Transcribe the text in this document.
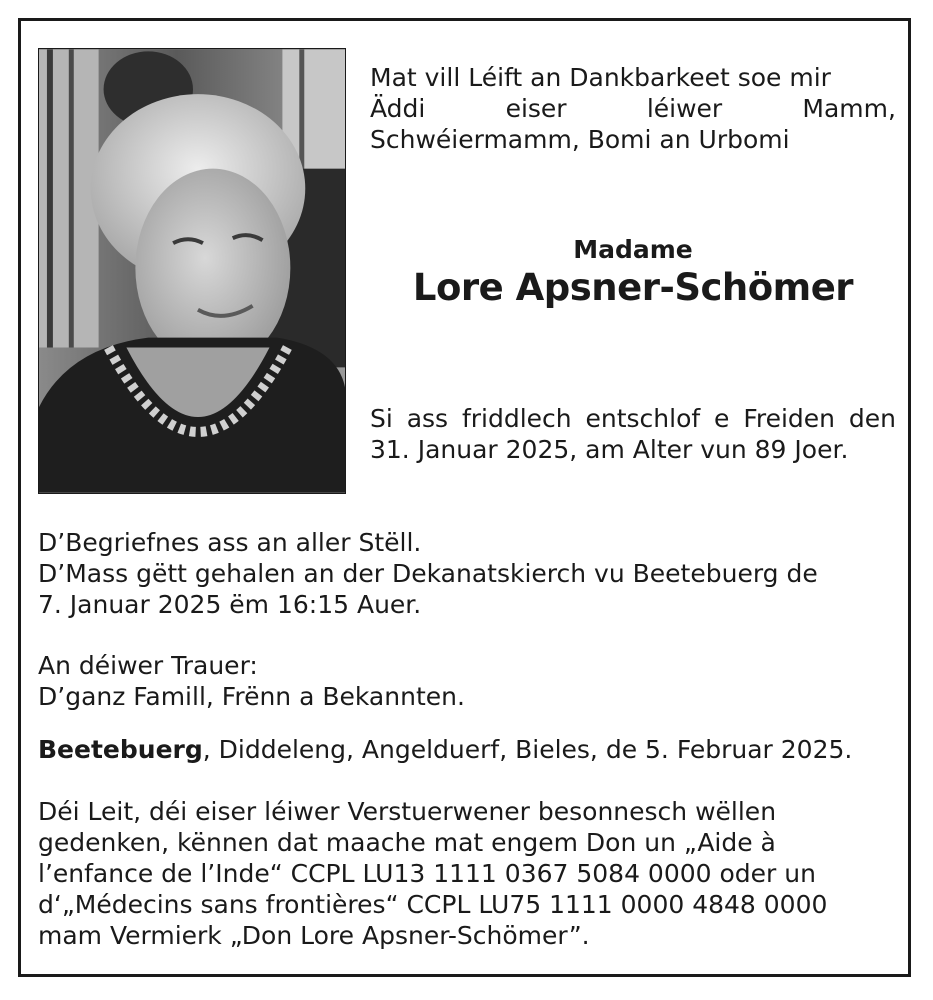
Mat vill Léift an Dankbarkeet soe mir
Äddi	eiser	léiwer	Mamm,
Schwéiermamm, Bomi an Urbomi
Madame
Lore Apsner-Schömer
Si ass friddlech entschlof e Freiden den 31. Januar 2025, am Alter vun 89 Joer.
D’Begriefnes ass an aller Stëll.
D’Mass gëtt gehalen an der Dekanatskierch vu Beetebuerg de
7. Januar 2025 ëm 16:15 Auer.
An déiwer Trauer:
D’ganz Famill, Frënn a Bekannten.
Beetebuerg, Diddeleng, Angelduerf, Bieles, de 5. Februar 2025.
Déi Leit, déi eiser léiwer Verstuerwener besonnesch wëllen
gedenken, kënnen dat maache mat engem Don un „Aide à
l’enfance de l’Inde“ CCPL LU13 1111 0367 5084 0000 oder un
d‘„Médecins sans frontières“ CCPL LU75 1111 0000 4848 0000
mam Vermierk „Don Lore Apsner-Schömer”.
